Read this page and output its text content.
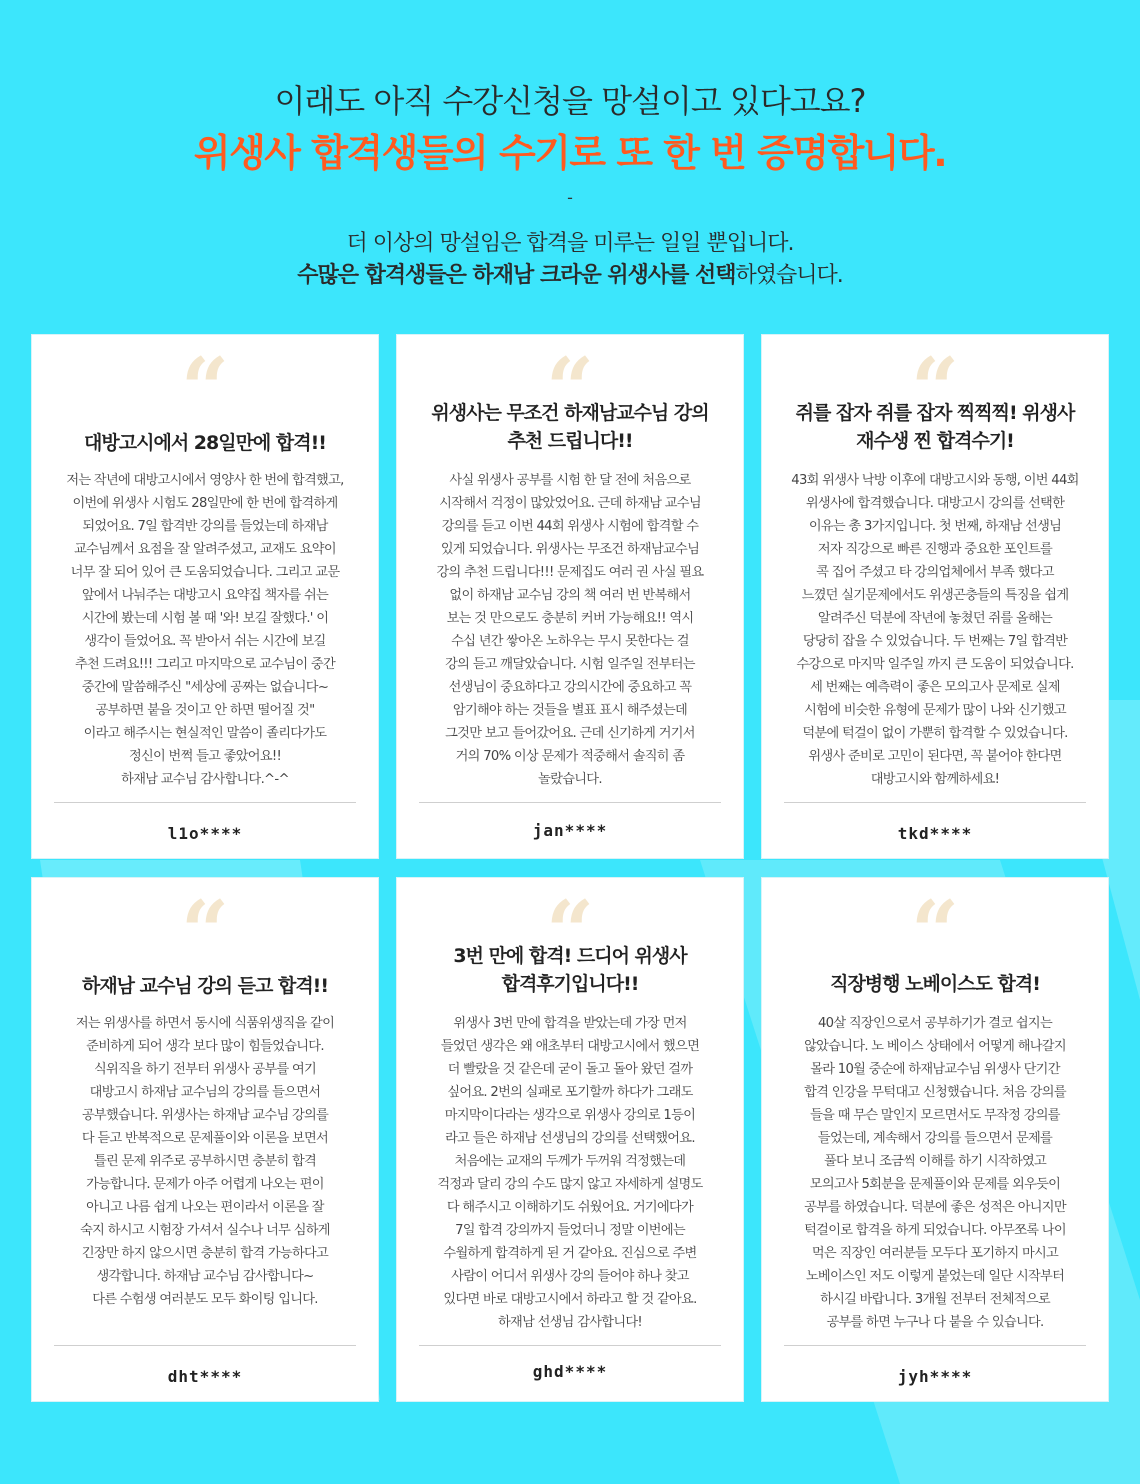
이래도 아직 수강신청을 망설이고 있다고요?
위생사 합격생들의 수기로 또 한 번 증명합니다.
-
더 이상의 망설임은 합격을 미루는 일일 뿐입니다.
수많은 합격생들은 하재남 크라운 위생사를 선택하였습니다.
“
대방고시에서 28일만에 합격!!
저는 작년에 대방고시에서 영양사 한 번에 합격했고,
이번에 위생사 시험도 28일만에 한 번에 합격하게
되었어요. 7일 합격반 강의를 들었는데 하재남
교수님께서 요점을 잘 알려주셨고, 교재도 요약이
너무 잘 되어 있어 큰 도움되었습니다. 그리고 교문
앞에서 나눠주는 대방고시 요약집 책자를 쉬는
시간에 봤는데 시험 볼 때 '와! 보길 잘했다.' 이
생각이 들었어요. 꼭 받아서 쉬는 시간에 보길
추천 드려요!!! 그리고 마지막으로 교수님이 중간
중간에 말씀해주신 "세상에 공짜는 없습니다~
공부하면 붙을 것이고 안 하면 떨어질 것"
이라고 해주시는 현실적인 말씀이 졸리다가도
정신이 번쩍 들고 좋았어요!!
하재남 교수님 감사합니다.^-^
l1o****
“
위생사는 무조건 하재남교수님 강의
추천 드립니다!!
사실 위생사 공부를 시험 한 달 전에 처음으로
시작해서 걱정이 많았었어요. 근데 하재남 교수님
강의를 듣고 이번 44회 위생사 시험에 합격할 수
있게 되었습니다. 위생사는 무조건 하재남교수님
강의 추천 드립니다!!! 문제집도 여러 권 사실 필요
없이 하재남 교수님 강의 책 여러 번 반복해서
보는 것 만으로도 충분히 커버 가능해요!! 역시
수십 년간 쌓아온 노하우는 무시 못한다는 걸
강의 듣고 깨달았습니다. 시험 일주일 전부터는
선생님이 중요하다고 강의시간에 중요하고 꼭
암기해야 하는 것들을 별표 표시 해주셨는데
그것만 보고 들어갔어요. 근데 신기하게 거기서
거의 70% 이상 문제가 적중해서 솔직히 좀
놀랐습니다.
jan****
“
쥐를 잡자 쥐를 잡자 찍찍찍! 위생사
재수생 찐 합격수기!
43회 위생사 낙방 이후에 대방고시와 동행, 이번 44회
위생사에 합격했습니다. 대방고시 강의를 선택한
이유는 총 3가지입니다. 첫 번째, 하재남 선생님
저자 직강으로 빠른 진행과 중요한 포인트를
콕 집어 주셨고 타 강의업체에서 부족 했다고
느꼈던 실기문제에서도 위생곤충들의 특징을 쉽게
알려주신 덕분에 작년에 놓쳤던 쥐를 올해는
당당히 잡을 수 있었습니다. 두 번째는 7일 합격반
수강으로 마지막 일주일 까지 큰 도움이 되었습니다.
세 번째는 예측력이 좋은 모의고사 문제로 실제
시험에 비슷한 유형에 문제가 많이 나와 신기했고
덕분에 턱걸이 없이 가뿐히 합격할 수 있었습니다.
위생사 준비로 고민이 된다면, 꼭 붙어야 한다면
대방고시와 함께하세요!
tkd****
“
하재남 교수님 강의 듣고 합격!!
저는 위생사를 하면서 동시에 식품위생직을 같이
준비하게 되어 생각 보다 많이 힘들었습니다.
식위직을 하기 전부터 위생사 공부를 여기
대방고시 하재남 교수님의 강의를 들으면서
공부했습니다. 위생사는 하재남 교수님 강의를
다 듣고 반복적으로 문제풀이와 이론을 보면서
틀린 문제 위주로 공부하시면 충분히 합격
가능합니다. 문제가 아주 어렵게 나오는 편이
아니고 나름 쉽게 나오는 편이라서 이론을 잘
숙지 하시고 시험장 가셔서 실수나 너무 심하게
긴장만 하지 않으시면 충분히 합격 가능하다고
생각합니다. 하재남 교수님 감사합니다~
다른 수험생 여러분도 모두 화이팅 입니다.
dht****
“
3번 만에 합격! 드디어 위생사
합격후기입니다!!
위생사 3번 만에 합격을 받았는데 가장 먼저
들었던 생각은 왜 애초부터 대방고시에서 했으면
더 빨랐을 것 같은데 굳이 돌고 돌아 왔던 걸까
싶어요. 2번의 실패로 포기할까 하다가 그래도
마지막이다라는 생각으로 위생사 강의로 1등이
라고 들은 하재남 선생님의 강의를 선택했어요.
처음에는 교재의 두께가 두꺼워 걱정했는데
걱정과 달리 강의 수도 많지 않고 자세하게 설명도
다 해주시고 이해하기도 쉬웠어요. 거기에다가
7일 합격 강의까지 들었더니 정말 이번에는
수월하게 합격하게 된 거 같아요. 진심으로 주변
사람이 어디서 위생사 강의 들어야 하나 찾고
있다면 바로 대방고시에서 하라고 할 것 같아요.
하재남 선생님 감사합니다!
ghd****
“
직장병행 노베이스도 합격!
40살 직장인으로서 공부하기가 결코 쉽지는
않았습니다. 노 베이스 상태에서 어떻게 해나갈지
몰라 10월 중순에 하재남교수님 위생사 단기간
합격 인강을 무턱대고 신청했습니다. 처음 강의를
들을 때 무슨 말인지 모르면서도 무작정 강의를
들었는데, 계속해서 강의를 들으면서 문제를
풀다 보니 조금씩 이해를 하기 시작하였고
모의고사 5회분을 문제풀이와 문제를 외우듯이
공부를 하였습니다. 덕분에 좋은 성적은 아니지만
턱걸이로 합격을 하게 되었습니다. 아무쪼록 나이
먹은 직장인 여러분들 모두다 포기하지 마시고
노베이스인 저도 이렇게 붙었는데 일단 시작부터
하시길 바랍니다. 3개월 전부터 전체적으로
공부를 하면 누구나 다 붙을 수 있습니다.
jyh****
